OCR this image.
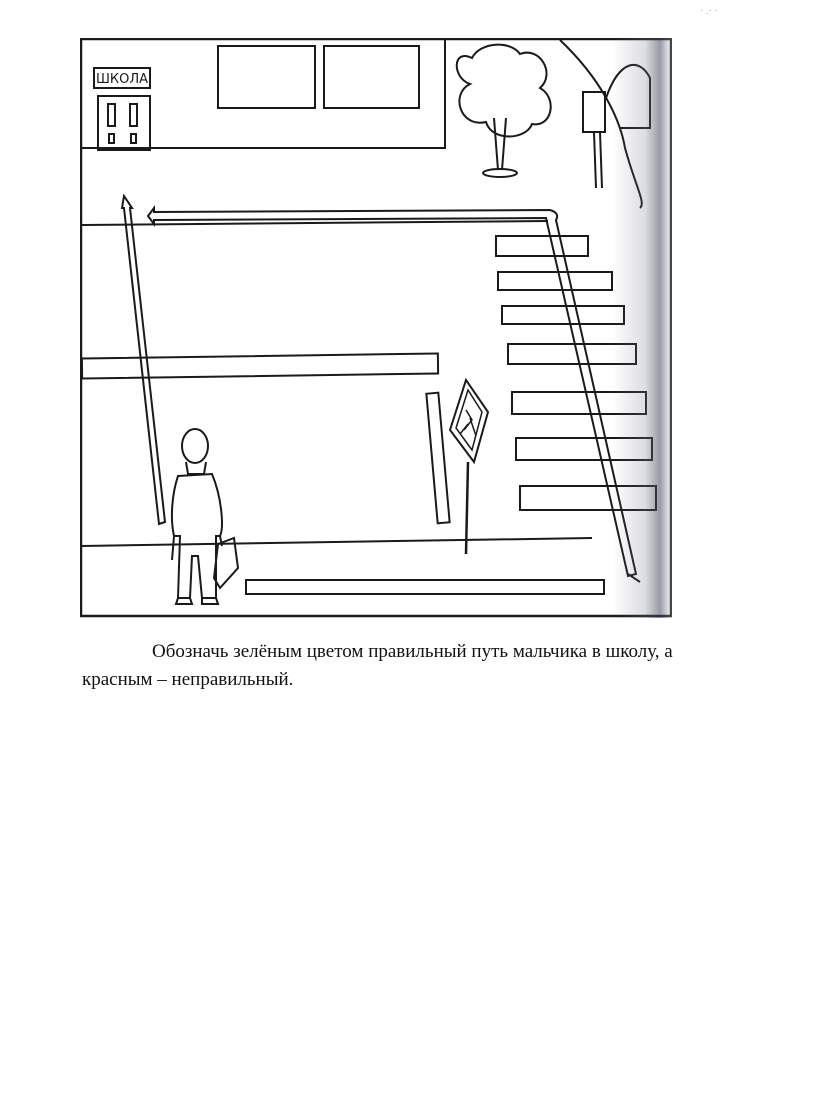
· .· ·
ШКОЛА

Обозначь зелёным цветом правильный путь мальчика в школу, а красным – неправильный.
